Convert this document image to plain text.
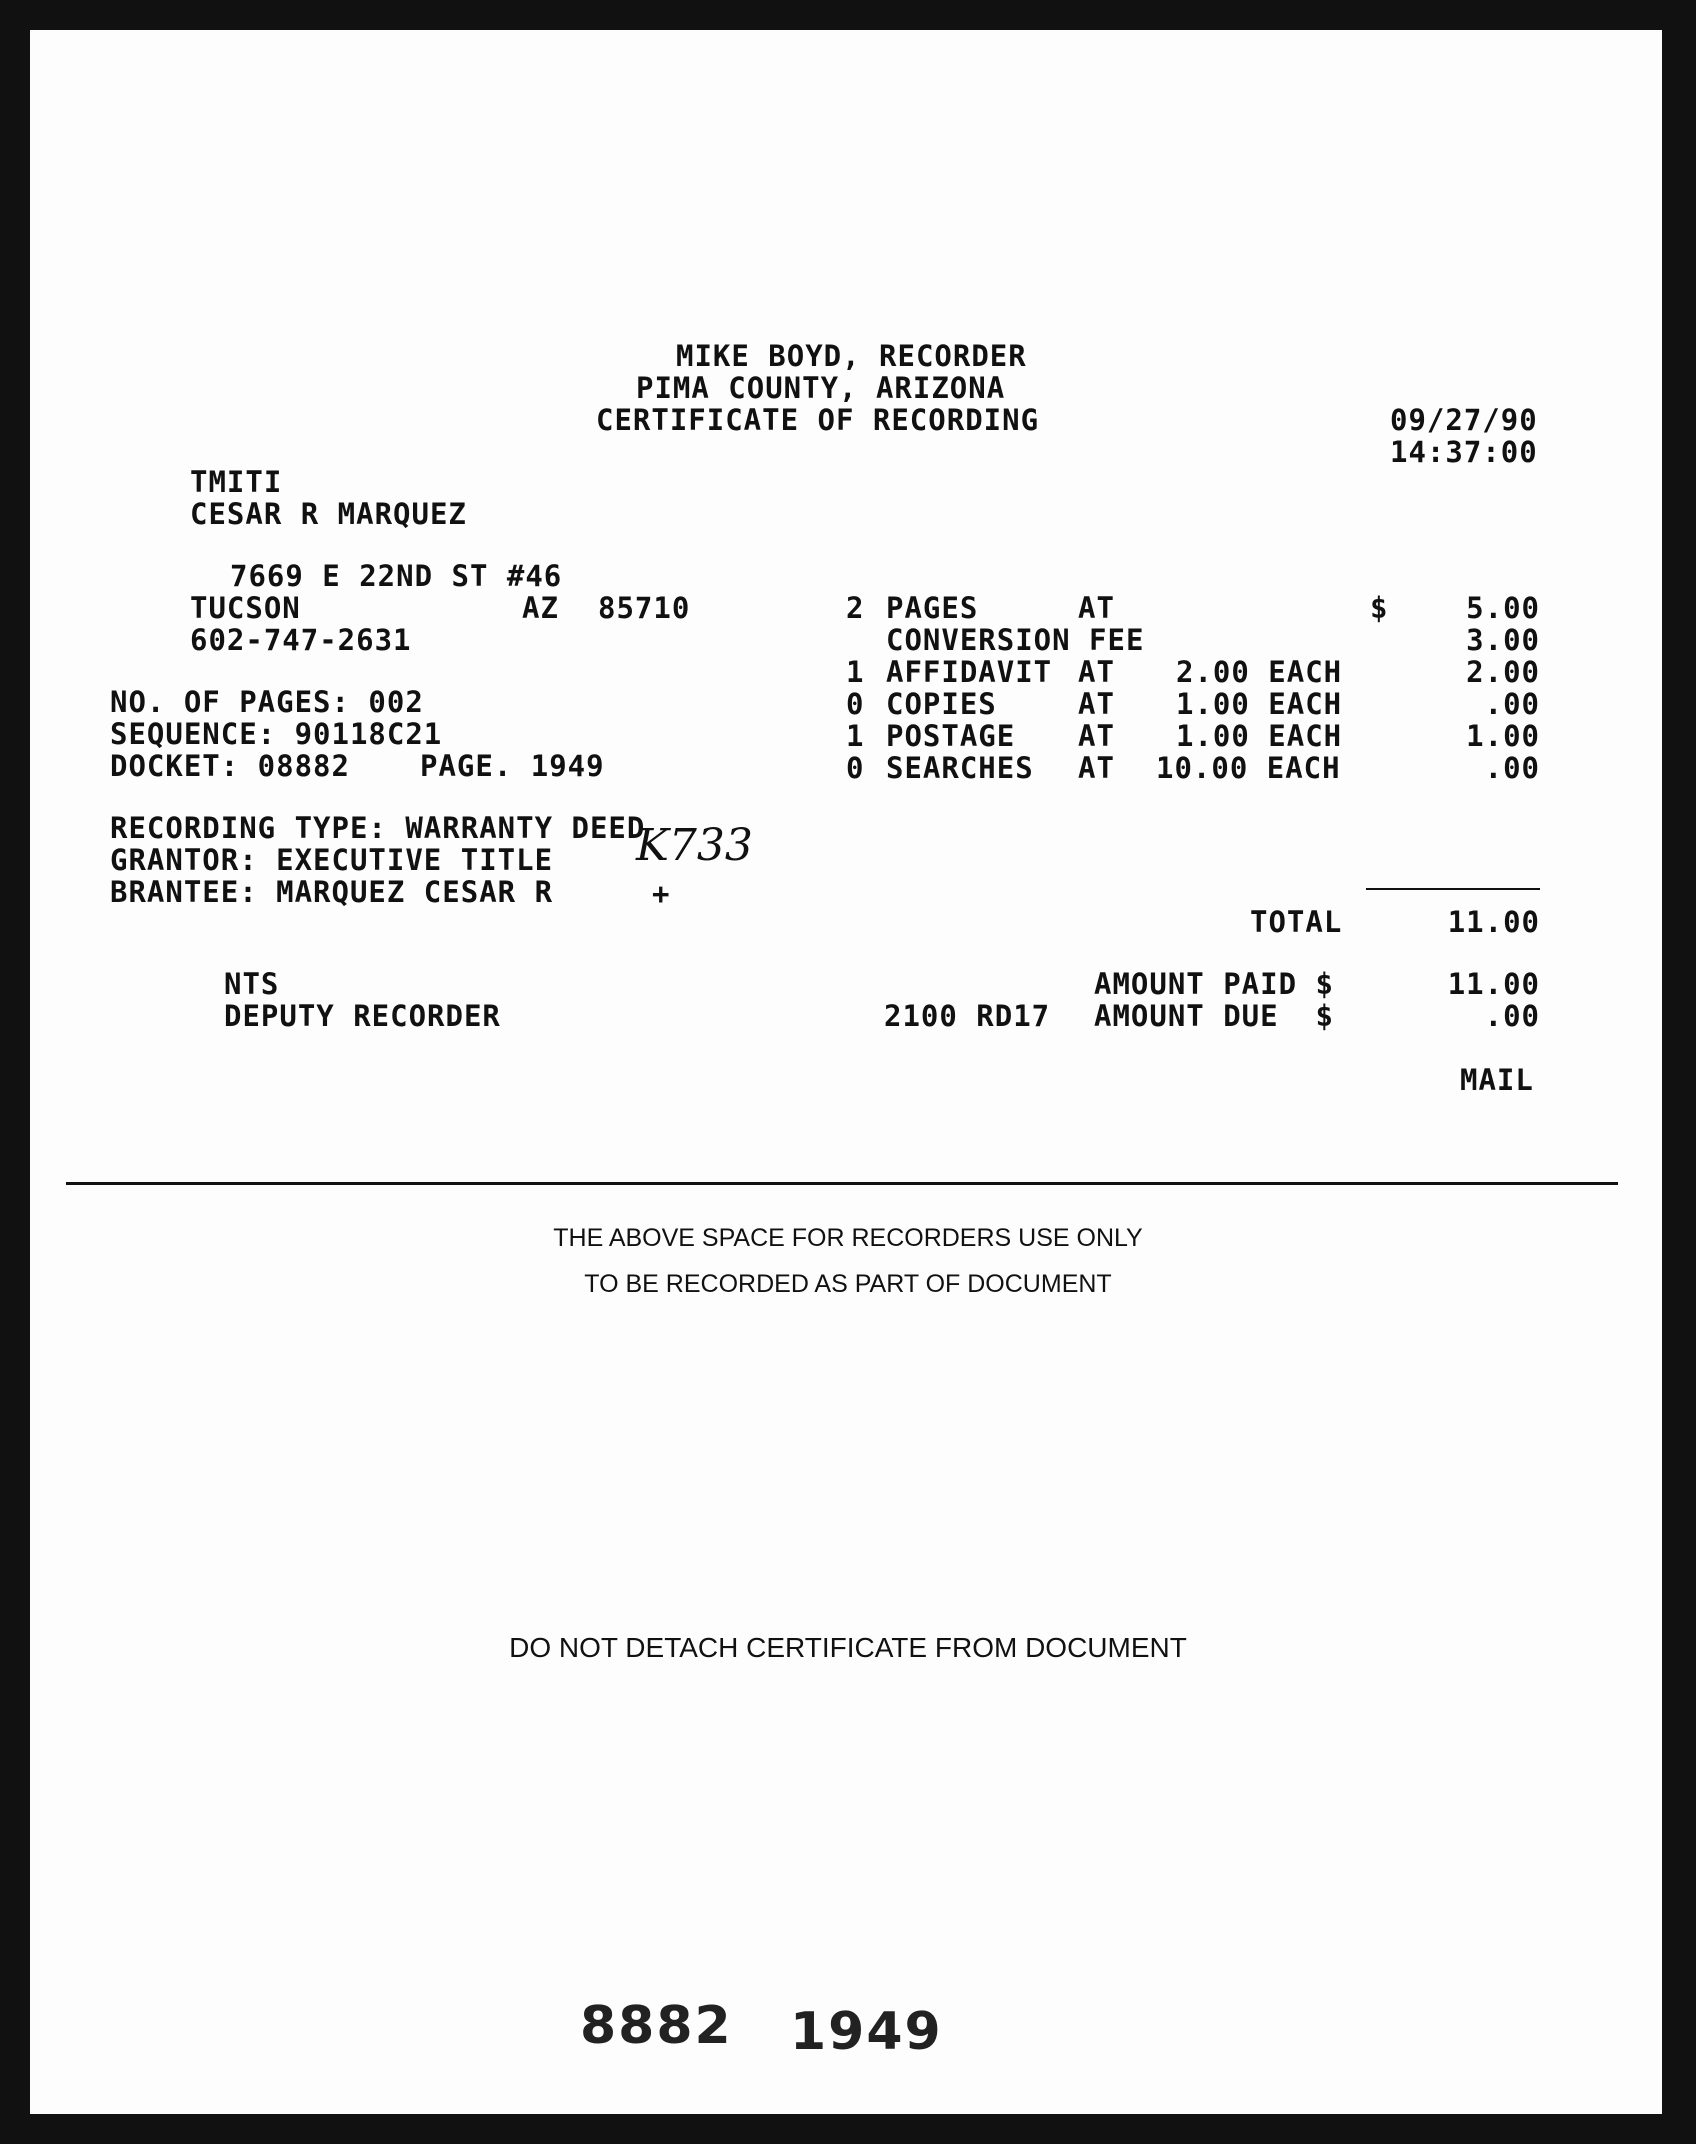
MIKE BOYD, RECORDER
PIMA COUNTY, ARIZONA
CERTIFICATE OF RECORDING	09/27/90
14:37:00
TMITI
CESAR R MARQUEZ
7669 E 22ND ST #46
TUCSON	AZ 85710
602-747-2631
NO. OF PAGES: 002
SEQUENCE: 90118C21
DOCKET: 08882 PAGE. 1949
RECORDING TYPE: WARRANTY DEED
GRANTOR: EXECUTIVE TITLE
BRANTEE: MARQUEZ CESAR R
K733
+
2 PAGES	AT	$	5.00
CONVERSION FEE	3.00
1 AFFIDAVIT AT 2.00 EACH	2.00
0 COPIES	AT 1.00 EACH	.00
1 POSTAGE AT 1.00 EACH	1.00
0 SEARCHES AT 10.00 EACH	.00
TOTAL	11.00
AMOUNT PAID $	11.00
2100 RD17 AMOUNT DUE  $	.00
MAIL
NTS
DEPUTY RECORDER
THE ABOVE SPACE FOR RECORDERS USE ONLY
TO BE RECORDED AS PART OF DOCUMENT
DO NOT DETACH CERTIFICATE FROM DOCUMENT
8882 1949
